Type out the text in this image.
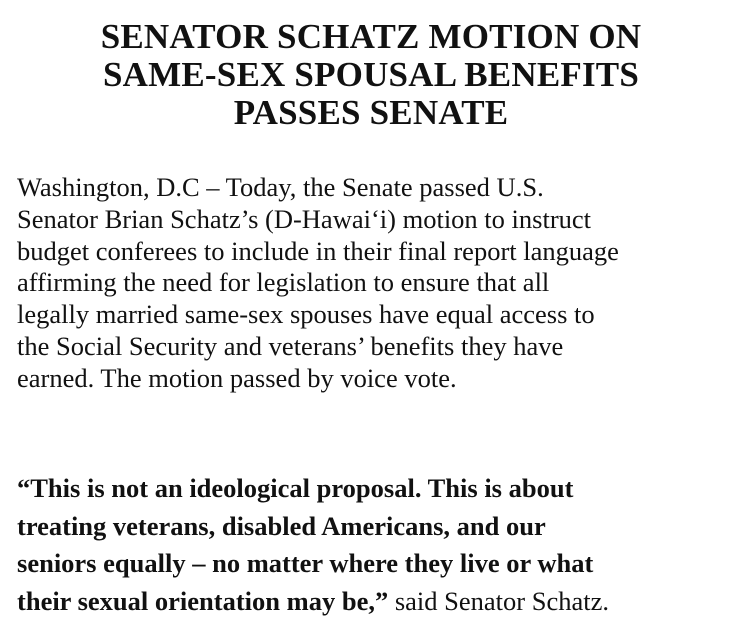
SENATOR SCHATZ MOTION ON
SAME-SEX SPOUSAL BENEFITS
PASSES SENATE

Washington, D.C – Today, the Senate passed U.S.
Senator Brian Schatz’s (D-Hawai‘i) motion to instruct
budget conferees to include in their final report language
affirming the need for legislation to ensure that all
legally married same-sex spouses have equal access to
the Social Security and veterans’ benefits they have
earned. The motion passed by voice vote.

“This is not an ideological proposal. This is about
treating veterans, disabled Americans, and our
seniors equally – no matter where they live or what
their sexual orientation may be,” said Senator Schatz.
